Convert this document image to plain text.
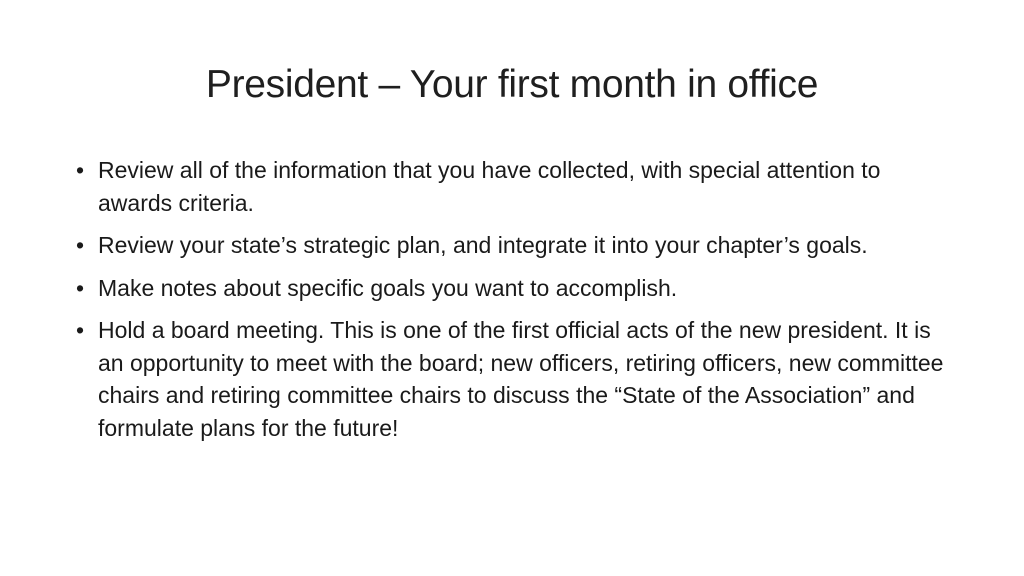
President – Your first month in office
• Review all of the information that you have collected, with special attention to awards criteria.
• Review your state’s strategic plan, and integrate it into your chapter’s goals.
• Make notes about specific goals you want to accomplish.
• Hold a board meeting. This is one of the first official acts of the new president. It is an opportunity to meet with the board; new officers, retiring officers, new committee chairs and retiring committee chairs to discuss the “State of the Association” and formulate plans for the future!
